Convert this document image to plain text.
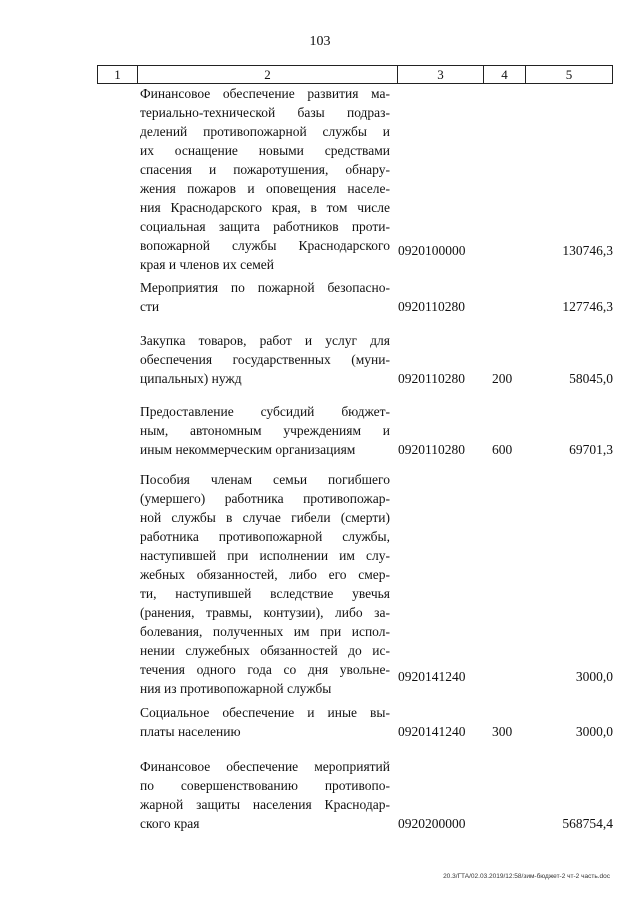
103
1	2	3	4	5
Финансовое обеспечение развития ма-
териально-технической базы подраз-
делений противопожарной службы и
их оснащение новыми средствами
спасения и пожаротушения, обнару-
жения пожаров и оповещения населе-
ния Краснодарского края, в том числе
социальная защита работников проти-
вопожарной службы Краснодарского
края и членов их семей
0920100000	130746,3
Мероприятия по пожарной безопасно-
сти	0920110280	127746,3
Закупка товаров, работ и услуг для
обеспечения государственных (муни-
ципальных) нужд	0920110280 200	58045,0
Предоставление субсидий бюджет-
ным, автономным учреждениям и
иным некоммерческим организациям	0920110280 600	69701,3
Пособия членам семьи погибшего
(умершего) работника противопожар-
ной службы в случае гибели (смерти)
работника противопожарной службы,
наступившей при исполнении им слу-
жебных обязанностей, либо его смер-
ти, наступившей вследствие увечья
(ранения, травмы, контузии), либо за-
болевания, полученных им при испол-
нении служебных обязанностей до ис-
течения одного года со дня увольне-
ния из противопожарной службы
0920141240	3000,0
Социальное обеспечение и иные вы-
платы населению	0920141240 300	3000,0
Финансовое обеспечение мероприятий
по совершенствованию противопо-
жарной защиты населения Краснодар-
ского края	0920200000	568754,4
20.3/ГТА/02.03.2019/12:58/зим-бюджет-2 чт-2 часть.doc
